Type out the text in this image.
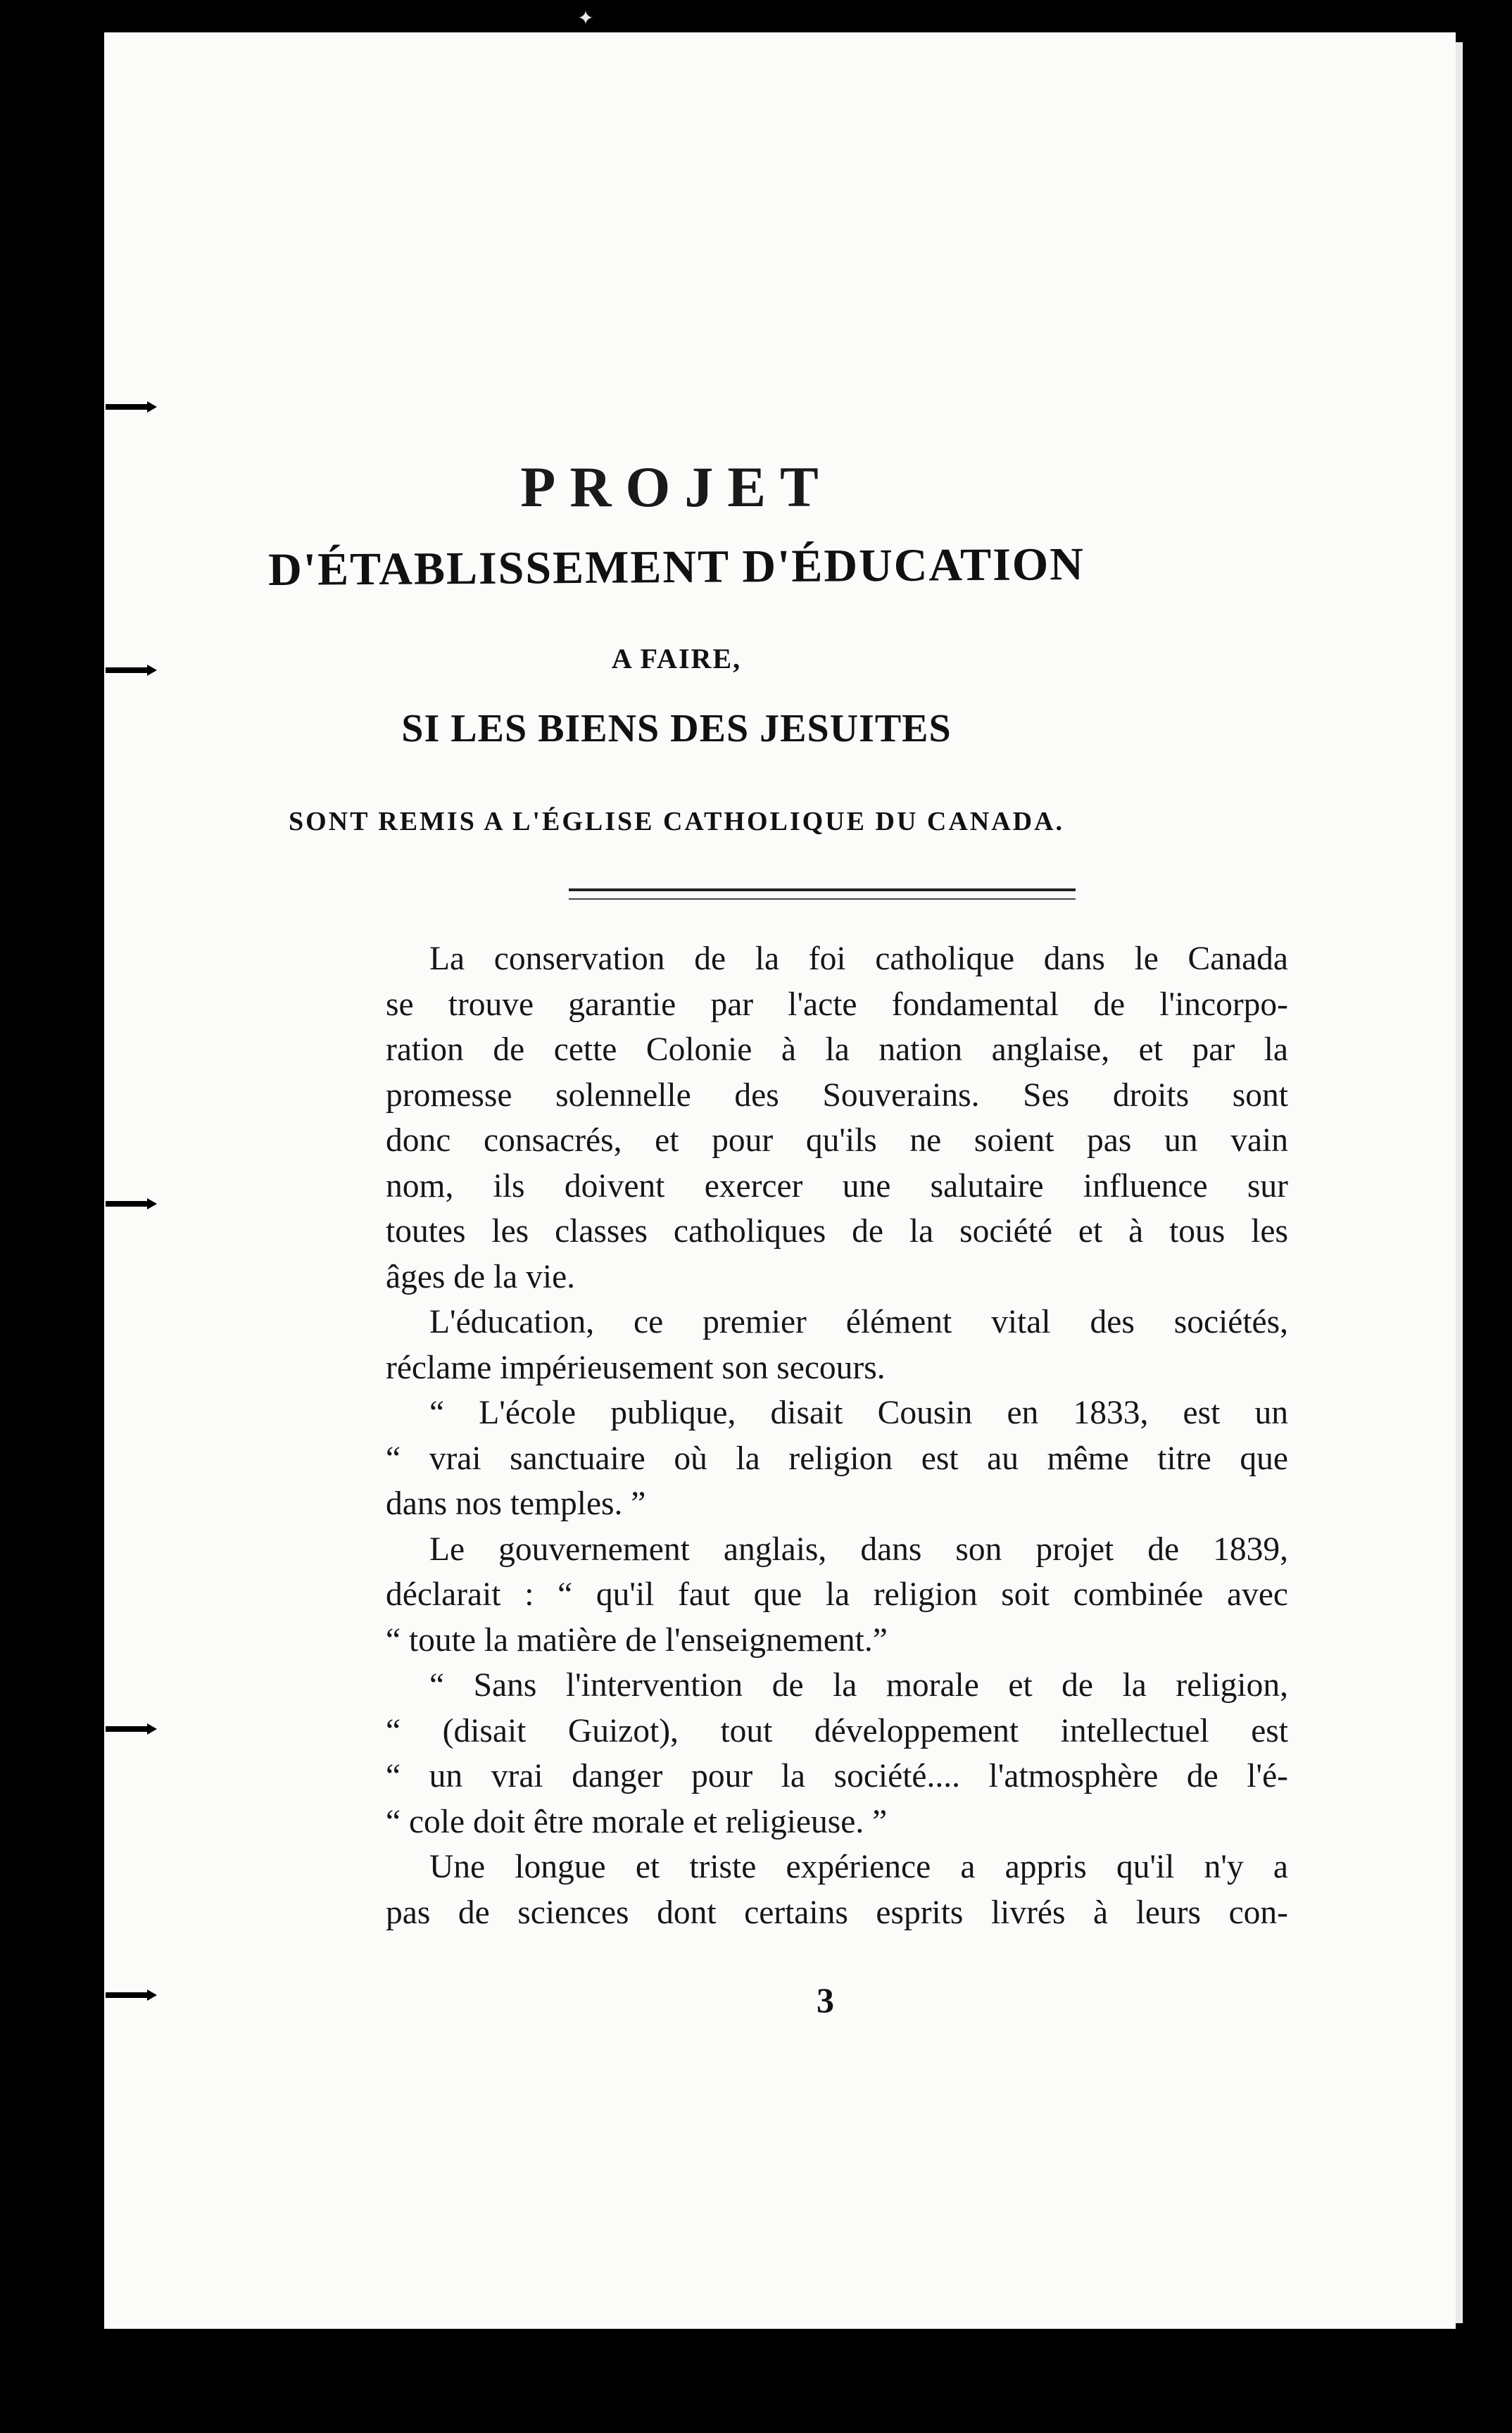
✦
PROJET
D'ÉTABLISSEMENT D'ÉDUCATION
A FAIRE,
SI LES BIENS DES JESUITES
SONT REMIS A L'ÉGLISE CATHOLIQUE DU CANADA.
La conservation de la foi catholique dans le Canada
se trouve garantie par l'acte fondamental de l'incorpo-
ration de cette Colonie à la nation anglaise, et par la
promesse solennelle des Souverains. Ses droits sont
donc consacrés, et pour qu'ils ne soient pas un vain
nom, ils doivent exercer une salutaire influence sur
toutes les classes catholiques de la société et à tous les
âges de la vie.
L'éducation, ce premier élément vital des sociétés,
réclame impérieusement son secours.
“ L'école publique, disait Cousin en 1833, est un
“ vrai sanctuaire où la religion est au même titre que
dans nos temples. ”
Le gouvernement anglais, dans son projet de 1839,
déclarait : “ qu'il faut que la religion soit combinée avec
“ toute la matière de l'enseignement.”
“ Sans l'intervention de la morale et de la religion,
“ (disait Guizot), tout développement intellectuel est
“ un vrai danger pour la société.... l'atmosphère de l'é-
“ cole doit être morale et religieuse. ”
Une longue et triste expérience a appris qu'il n'y a
pas de sciences dont certains esprits livrés à leurs con-
3
